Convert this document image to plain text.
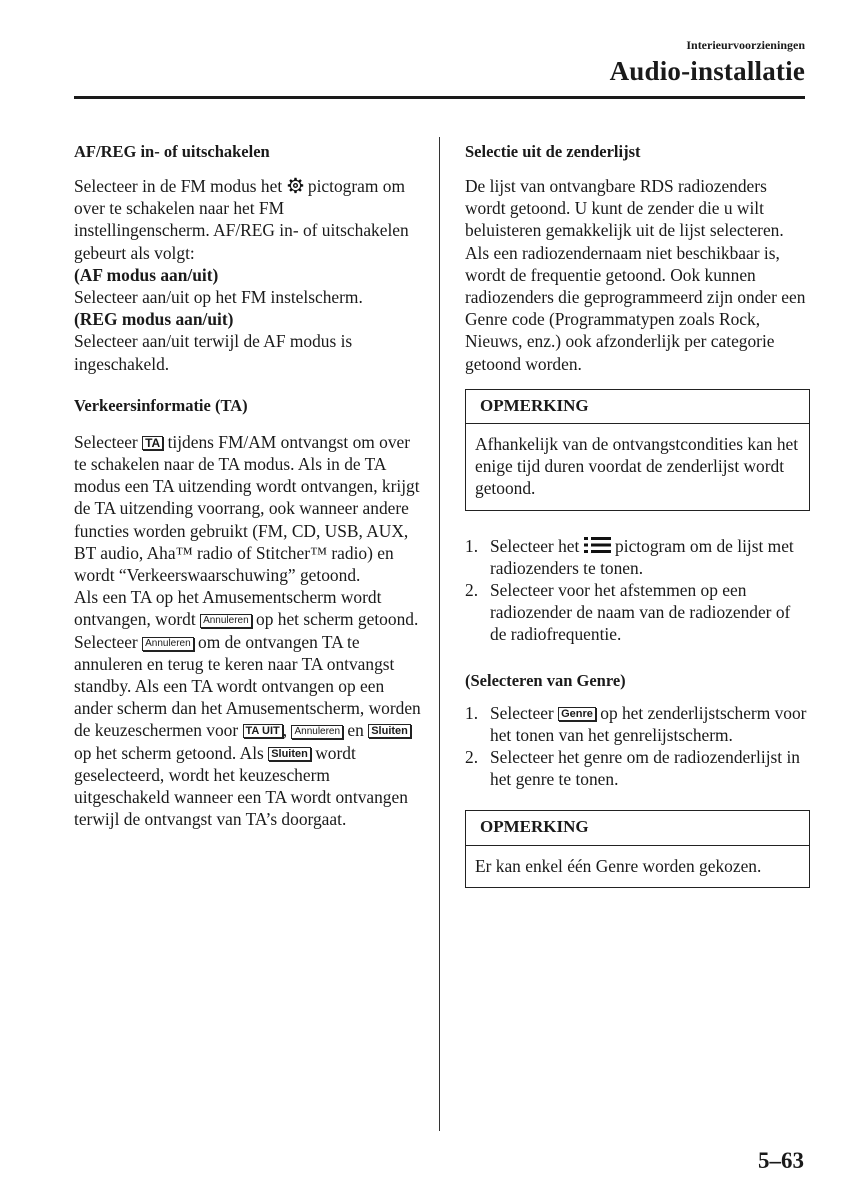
Interieurvoorzieningen
Audio-installatie
AF/REG in- of uitschakelen

Selecteer in de FM modus het pictogram om over te schakelen naar het FM instellingenscherm. AF/REG in- of uitschakelen gebeurt als volgt:

(AF modus aan/uit)

Selecteer aan/uit op het FM instelscherm.

(REG modus aan/uit)

Selecteer aan/uit terwijl de AF modus is ingeschakeld.

Verkeersinformatie (TA)

Selecteer TA tijdens FM/AM ontvangst om over te schakelen naar de TA modus. Als in de TA modus een TA uitzending wordt ontvangen, krijgt de TA uitzending voorrang, ook wanneer andere functies worden gebruikt (FM, CD, USB, AUX, BT audio, Aha™ radio of Stitcher™ radio) en wordt “Verkeerswaarschuwing” getoond.

Als een TA op het Amusementscherm wordt ontvangen, wordt Annuleren op het scherm getoond. Selecteer Annuleren om de ontvangen TA te annuleren en terug te keren naar TA ontvangst standby. Als een TA wordt ontvangen op een ander scherm dan het Amusementscherm, worden de keuzeschermen voor TA UIT , Annuleren en Sluiten op het scherm getoond. Als Sluiten wordt geselecteerd, wordt het keuzescherm uitgeschakeld wanneer een TA wordt ontvangen terwijl de ontvangst van TA’s doorgaat.

Selectie uit de zenderlijst

De lijst van ontvangbare RDS radiozenders wordt getoond. U kunt de zender die u wilt beluisteren gemakkelijk uit de lijst selecteren. Als een radiozendernaam niet beschikbaar is, wordt de frequentie getoond. Ook kunnen radiozenders die geprogrammeerd zijn onder een Genre code (Programmatypen zoals Rock, Nieuws, enz.) ook afzonderlijk per categorie getoond worden.

OPMERKING
Afhankelijk van de ontvangstcondities kan het enige tijd duren voordat de zenderlijst wordt getoond.
1. Selecteer het pictogram om de lijst met radiozenders te tonen.
2. Selecteer voor het afstemmen op een radiozender de naam van de radiozender of de radiofrequentie.
(Selecteren van Genre)
1. Selecteer Genre op het zenderlijstscherm voor het tonen van het genrelijstscherm.
2. Selecteer het genre om de radiozenderlijst in het genre te tonen.
OPMERKING
Er kan enkel één Genre worden gekozen.
5–63
